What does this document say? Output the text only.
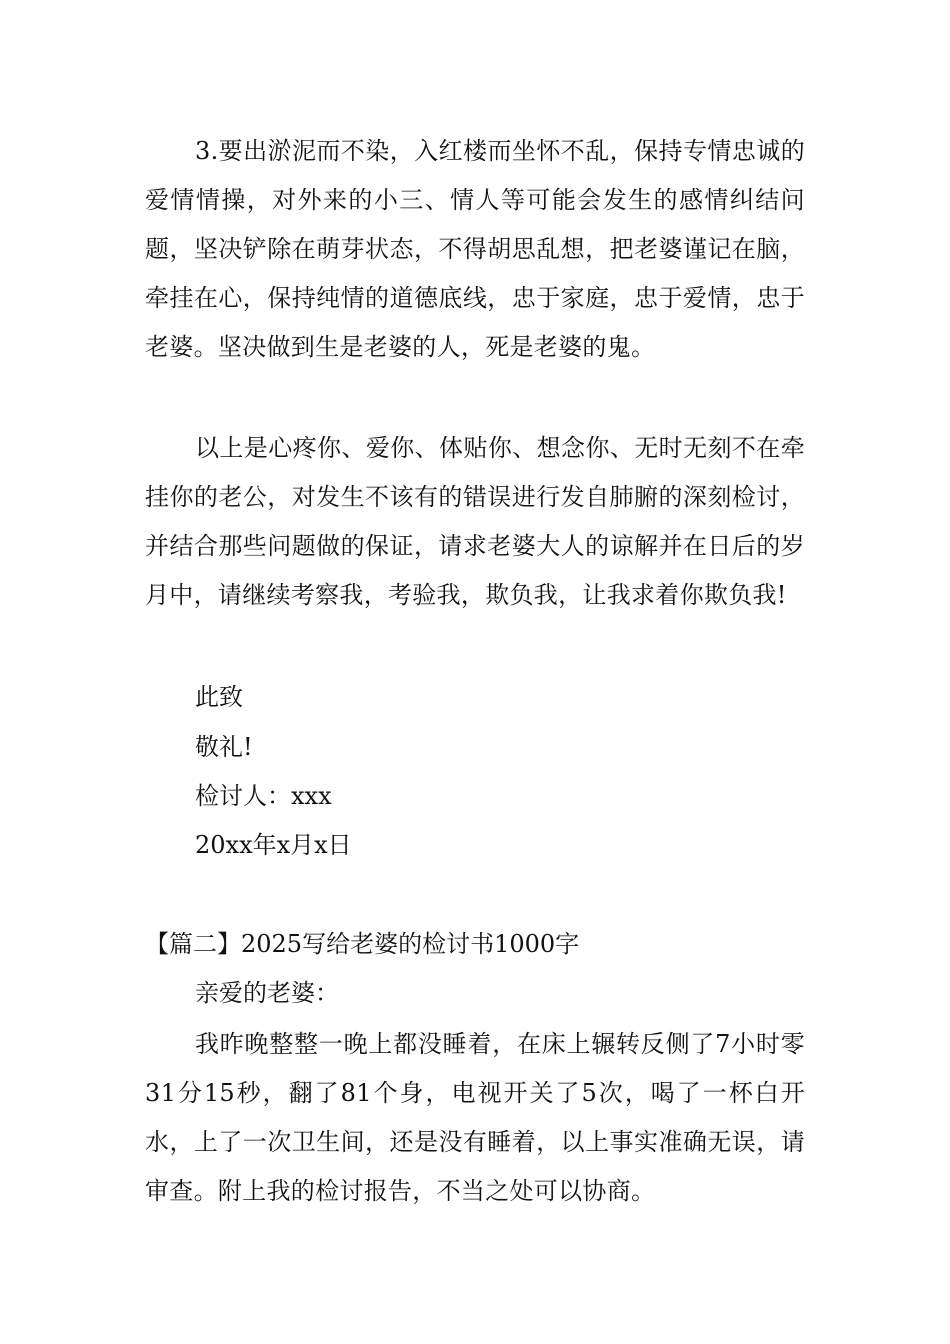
3.要出淤泥而不染，入红楼而坐怀不乱，保持专情忠诚的爱情情操，对外来的小三、情人等可能会发生的感情纠结问题，坚决铲除在萌芽状态，不得胡思乱想，把老婆谨记在脑，牵挂在心，保持纯情的道德底线，忠于家庭，忠于爱情，忠于老婆。坚决做到生是老婆的人，死是老婆的鬼。

以上是心疼你、爱你、体贴你、想念你、无时无刻不在牵挂你的老公，对发生不该有的错误进行发自肺腑的深刻检讨，并结合那些问题做的保证，请求老婆大人的谅解并在日后的岁月中，请继续考察我，考验我，欺负我，让我求着你欺负我!

此致

敬礼!

检讨人：xxx

20xx年x月x日

【篇二】2025写给老婆的检讨书1000字

亲爱的老婆：

我昨晚整整一晚上都没睡着，在床上辗转反侧了7小时零31分15秒，翻了81个身，电视开关了5次，喝了一杯白开水，上了一次卫生间，还是没有睡着，以上事实准确无误，请审查。附上我的检讨报告，不当之处可以协商。
